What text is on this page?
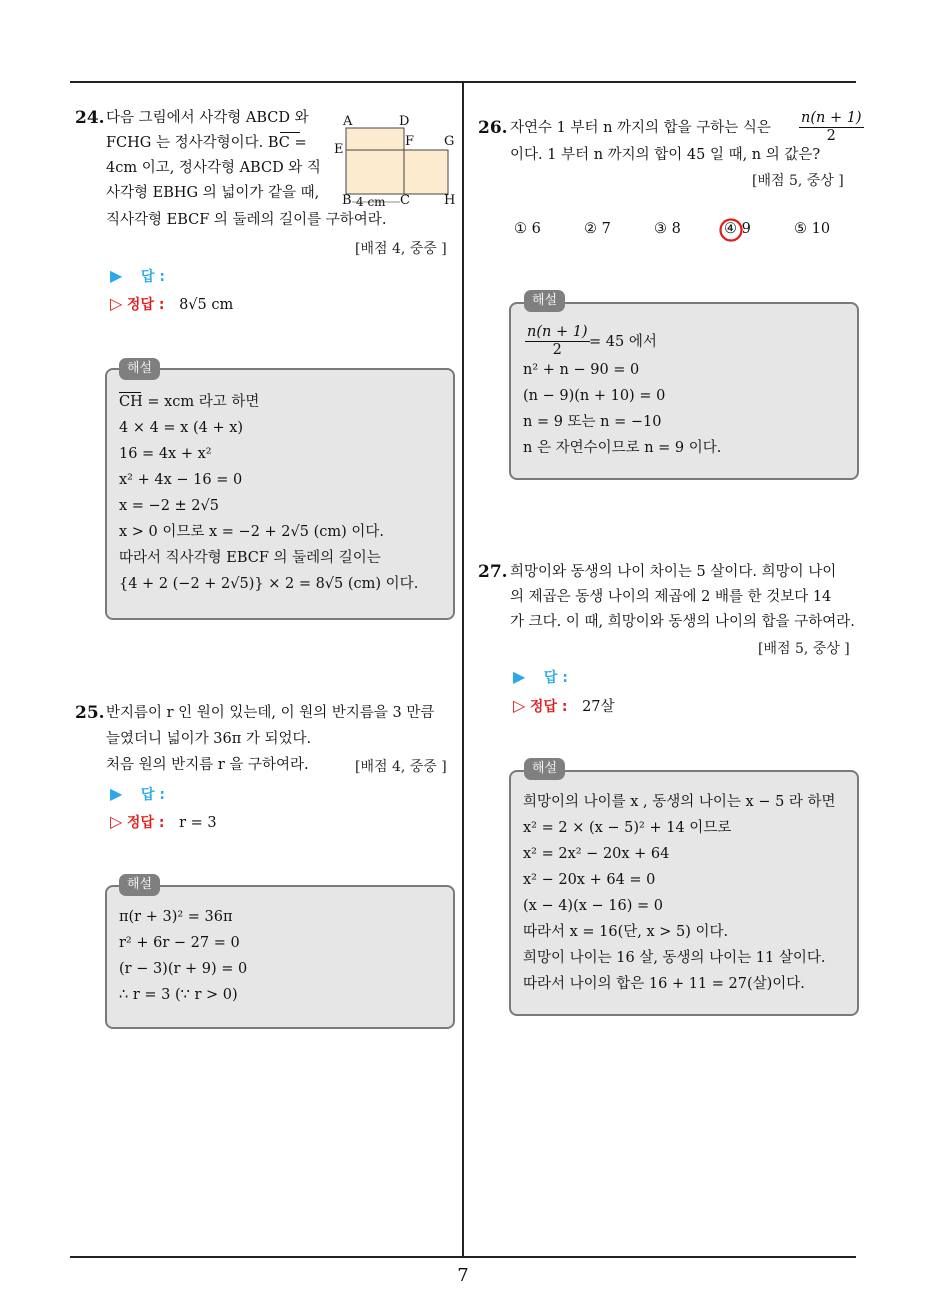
24. 다음 그림에서 사각형 ABCD 와
FCHG 는 정사각형이다. BC =
4cm 이고, 정사각형 ABCD 와 직
사각형 EBHG 의 넓이가 같을 때,
직사각형 EBCF 의 둘레의 길이를 구하여라.
[배점 4, 중중 ]
A	D
E
F G
B 4 cm C	H
▶ 답 :
▷ 정답 : 8√5 cm
CH = xcm 라고 하면
4 × 4 = x (4 + x)
16 = 4x + x²
x² + 4x − 16 = 0
x = −2 ± 2√5
x > 0 이므로 x = −2 + 2√5 (cm) 이다.
따라서 직사각형 EBCF 의 둘레의 길이는
{4 + 2 (−2 + 2√5)} × 2 = 8√5 (cm) 이다.
해설
25. 반지름이 r 인 원이 있는데, 이 원의 반지름을 3 만큼
늘였더니 넓이가 36π 가 되었다.
처음 원의 반지름 r 을 구하여라.	[배점 4, 중중 ]
▶ 답 :
▷ 정답 : r = 3
π(r + 3)² = 36π
r² + 6r − 27 = 0
(r − 3)(r + 9) = 0
∴ r = 3 (∵ r > 0)
해설
26. 자연수 1 부터 n 까지의 합을 구하는 식은 $\frac{n(n + 1)}{2}$
이다. 1 부터 n 까지의 합이 45 일 때, n 의 값은?
[배점 5, 중상 ]
① 6	② 7	③ 8	④ 9	⑤ 10
$\frac{n(n + 1)}{2} = 45$ 에서
n² + n − 90 = 0
(n − 9)(n + 10) = 0
n = 9 또는 n = −10
n 은 자연수이므로 n = 9 이다.
해설
27. 희망이와 동생의 나이 차이는 5 살이다. 희망이 나이
의 제곱은 동생 나이의 제곱에 2 배를 한 것보다 14
가 크다. 이 때, 희망이와 동생의 나이의 합을 구하여라.
[배점 5, 중상 ]
▶ 답 :
▷ 정답 : 27살
희망이의 나이를 x , 동생의 나이는 x − 5 라 하면
x² = 2 × (x − 5)² + 14 이므로
x² = 2x² − 20x + 64
x² − 20x + 64 = 0
(x − 4)(x − 16) = 0
따라서 x = 16(단, x > 5) 이다.
희망이 나이는 16 살, 동생의 나이는 11 살이다.
따라서 나이의 합은 16 + 11 = 27(살)이다.
해설
7
